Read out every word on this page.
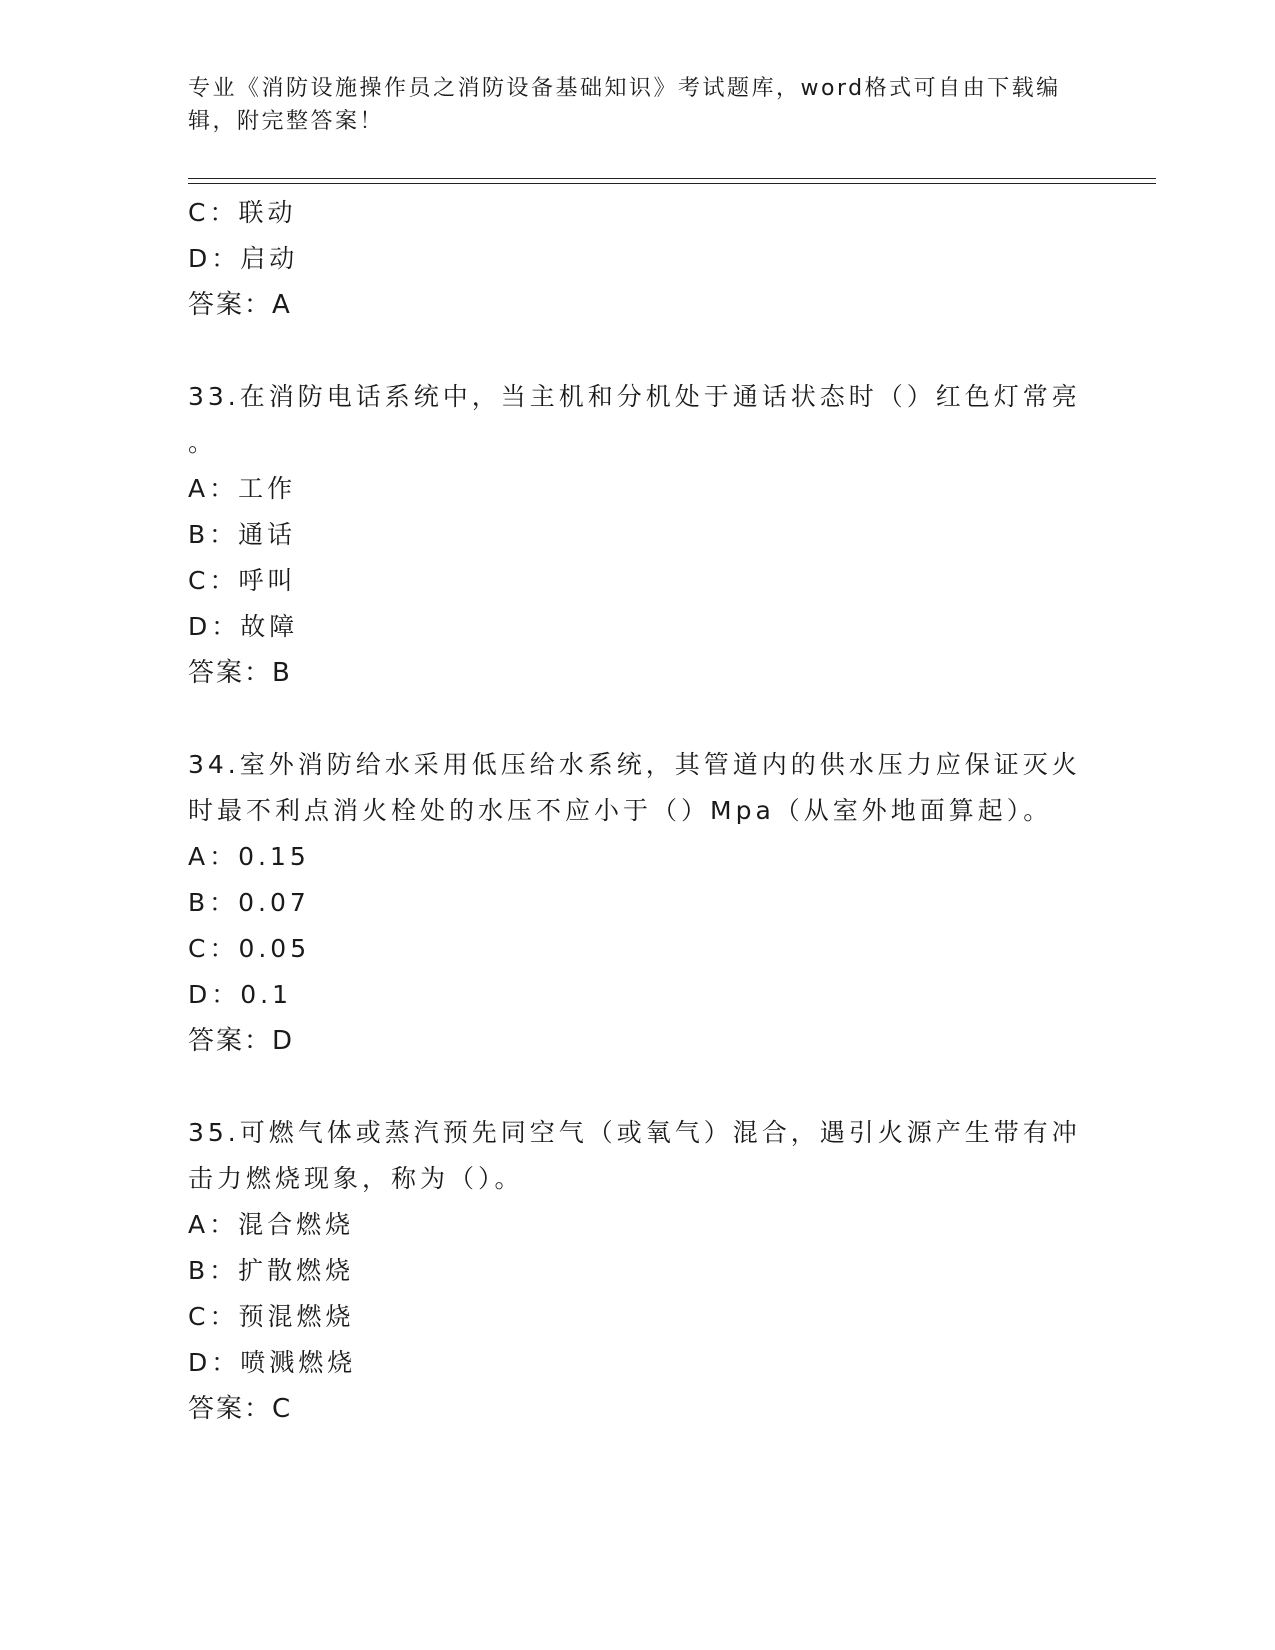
专业《消防设施操作员之消防设备基础知识》考试题库，word格式可自由下载编
辑，附完整答案！
C：联动
D：启动
答案：A
33.在消防电话系统中，当主机和分机处于通话状态时（）红色灯常亮
。
A：工作
B：通话
C：呼叫
D：故障
答案：B
34.室外消防给水采用低压给水系统，其管道内的供水压力应保证灭火
时最不利点消火栓处的水压不应小于（）Mpa（从室外地面算起）。
A：0.15
B：0.07
C：0.05
D：0.1
答案：D
35.可燃气体或蒸汽预先同空气（或氧气）混合，遇引火源产生带有冲
击力燃烧现象，称为（）。
A：混合燃烧
B：扩散燃烧
C：预混燃烧
D：喷溅燃烧
答案：C
